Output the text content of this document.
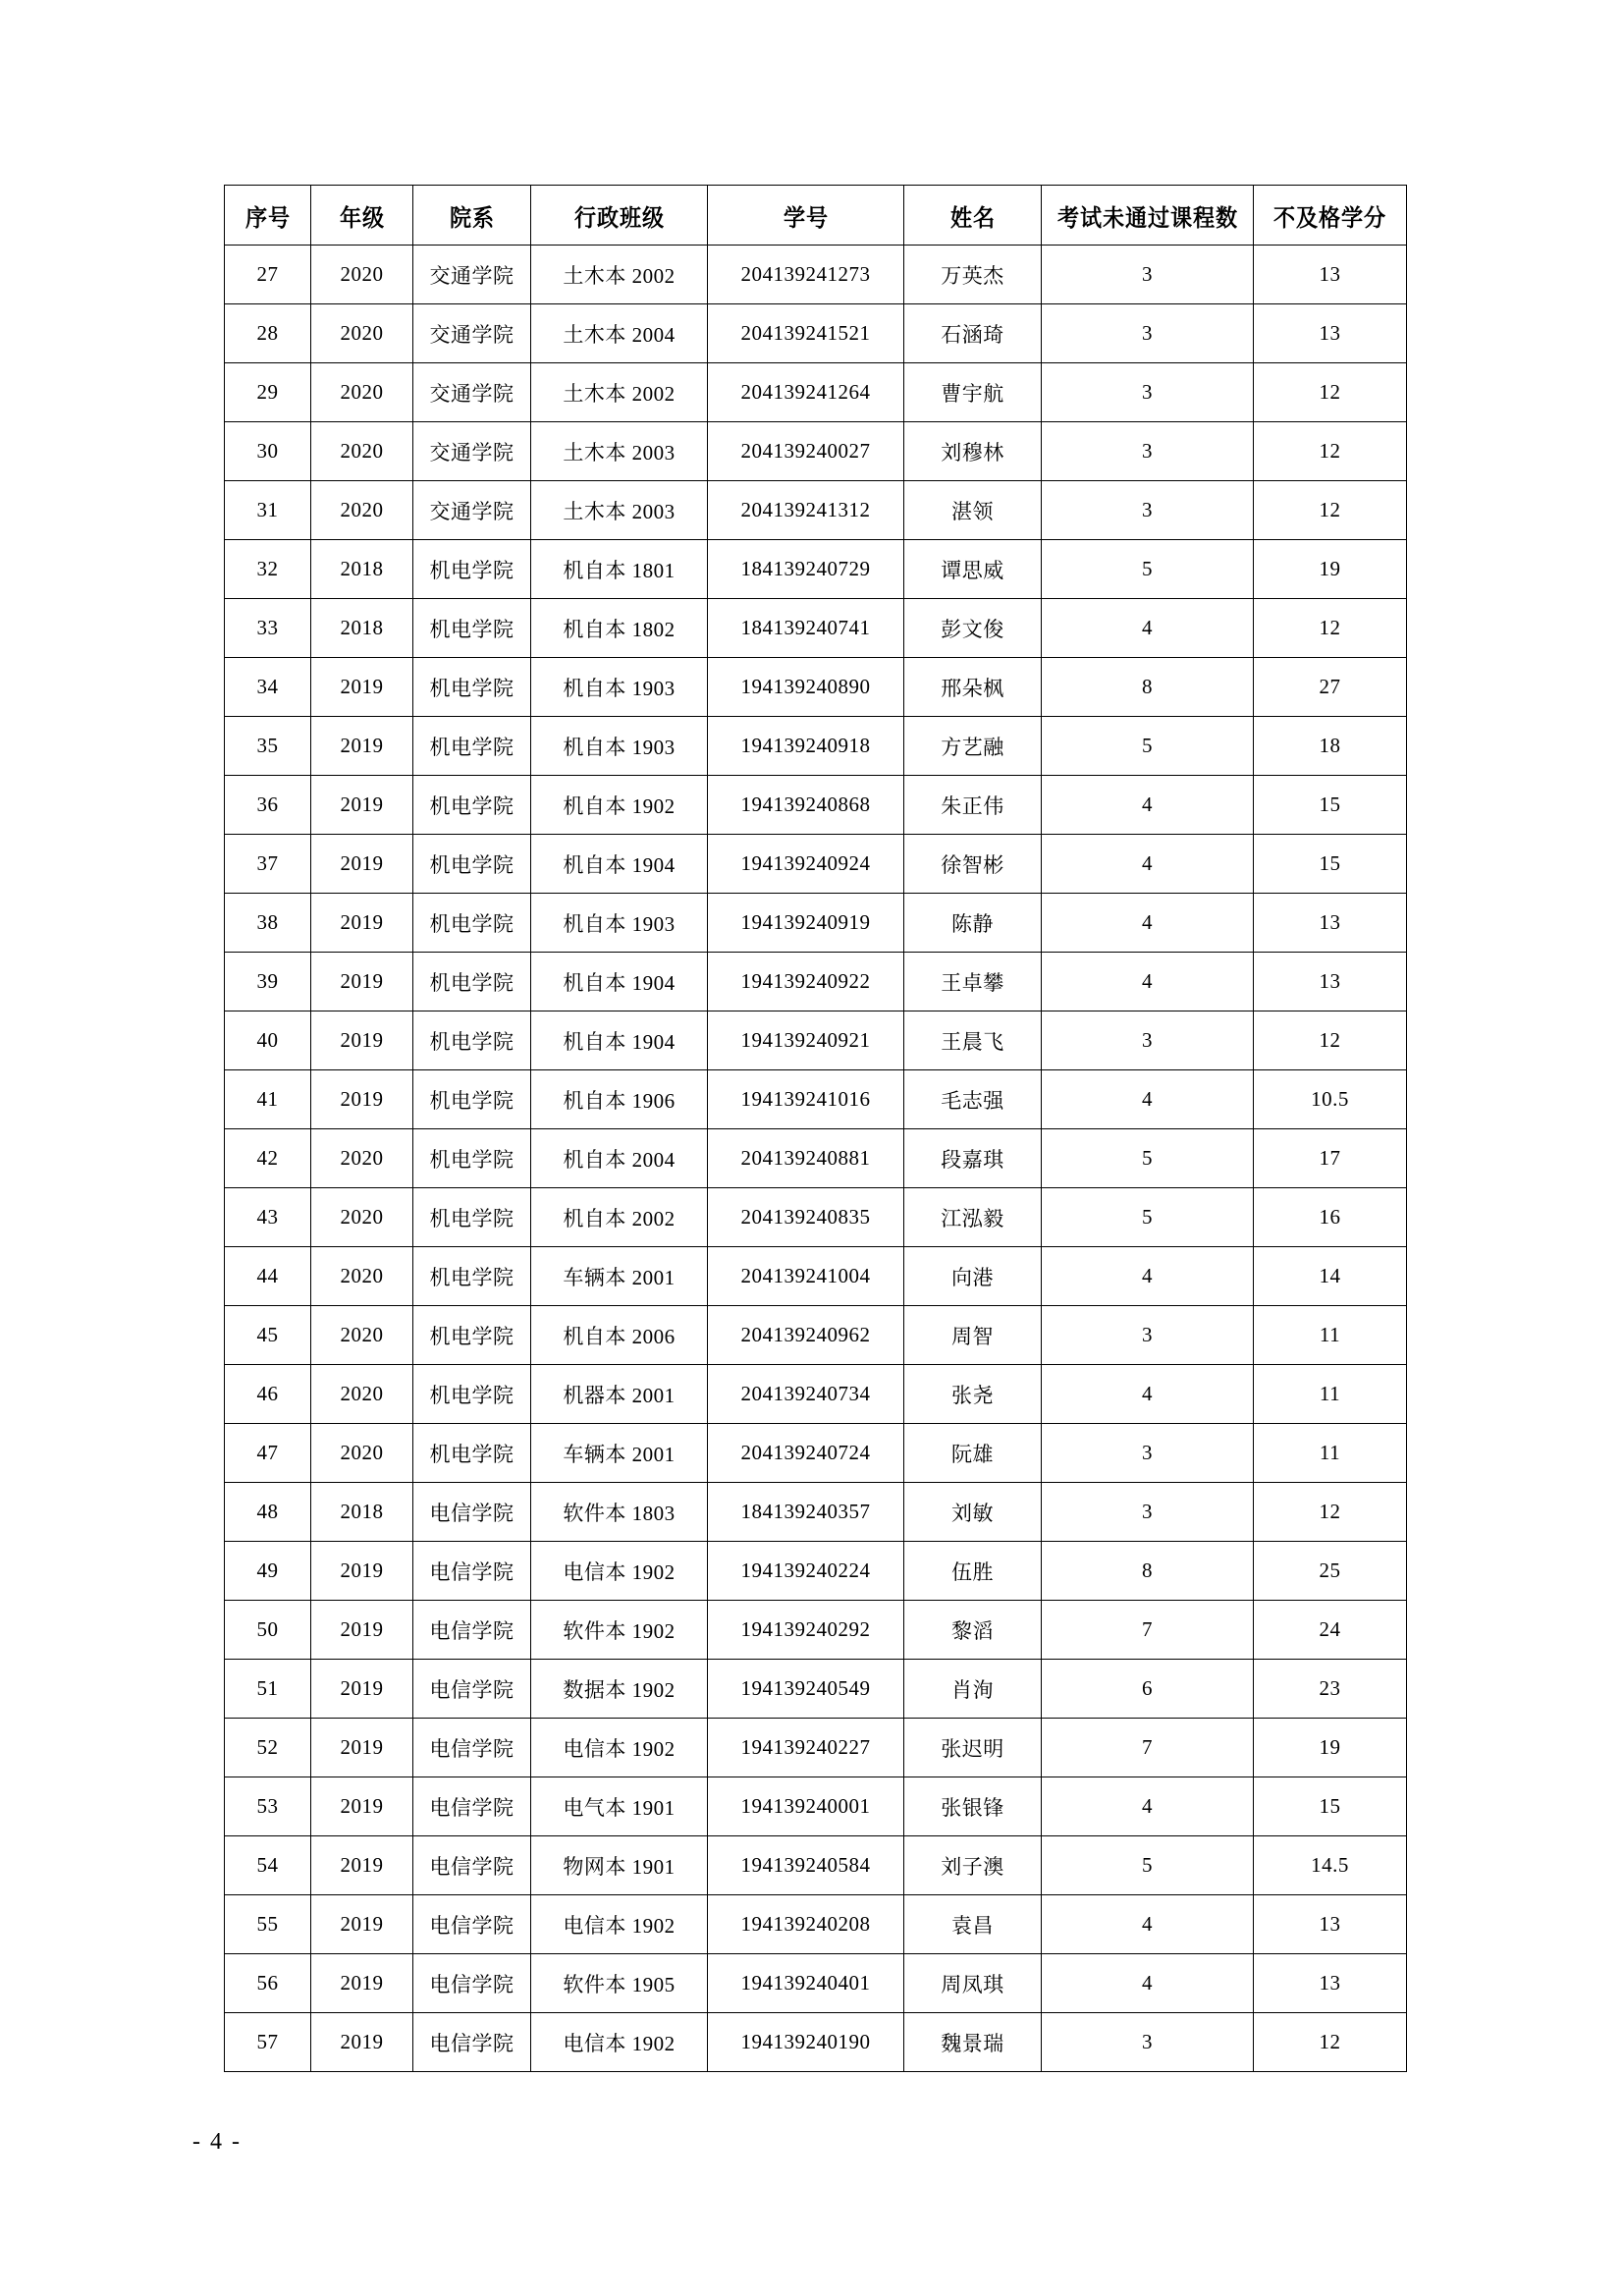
序号	年级	院系	行政班级	学号	姓名	考试未通过课程数	不及格学分
27	2020	交通学院	土木本 2002	204139241273	万英杰	3	13
28	2020	交通学院	土木本 2004	204139241521	石涵琦	3	13
29	2020	交通学院	土木本 2002	204139241264	曹宇航	3	12
30	2020	交通学院	土木本 2003	204139240027	刘穆林	3	12
31	2020	交通学院	土木本 2003	204139241312	湛领	3	12
32	2018	机电学院	机自本 1801	184139240729	谭思威	5	19
33	2018	机电学院	机自本 1802	184139240741	彭文俊	4	12
34	2019	机电学院	机自本 1903	194139240890	邢朵枫	8	27
35	2019	机电学院	机自本 1903	194139240918	方艺融	5	18
36	2019	机电学院	机自本 1902	194139240868	朱正伟	4	15
37	2019	机电学院	机自本 1904	194139240924	徐智彬	4	15
38	2019	机电学院	机自本 1903	194139240919	陈静	4	13
39	2019	机电学院	机自本 1904	194139240922	王卓攀	4	13
40	2019	机电学院	机自本 1904	194139240921	王晨飞	3	12
41	2019	机电学院	机自本 1906	194139241016	毛志强	4	10.5
42	2020	机电学院	机自本 2004	204139240881	段嘉琪	5	17
43	2020	机电学院	机自本 2002	204139240835	江泓毅	5	16
44	2020	机电学院	车辆本 2001	204139241004	向港	4	14
45	2020	机电学院	机自本 2006	204139240962	周智	3	11
46	2020	机电学院	机器本 2001	204139240734	张尧	4	11
47	2020	机电学院	车辆本 2001	204139240724	阮雄	3	11
48	2018	电信学院	软件本 1803	184139240357	刘敏	3	12
49	2019	电信学院	电信本 1902	194139240224	伍胜	8	25
50	2019	电信学院	软件本 1902	194139240292	黎滔	7	24
51	2019	电信学院	数据本 1902	194139240549	肖洵	6	23
52	2019	电信学院	电信本 1902	194139240227	张迟明	7	19
53	2019	电信学院	电气本 1901	194139240001	张银锋	4	15
54	2019	电信学院	物网本 1901	194139240584	刘子澳	5	14.5
55	2019	电信学院	电信本 1902	194139240208	袁昌	4	13
56	2019	电信学院	软件本 1905	194139240401	周凤琪	4	13
57	2019	电信学院	电信本 1902	194139240190	魏景瑞	3	12
- 4 -
